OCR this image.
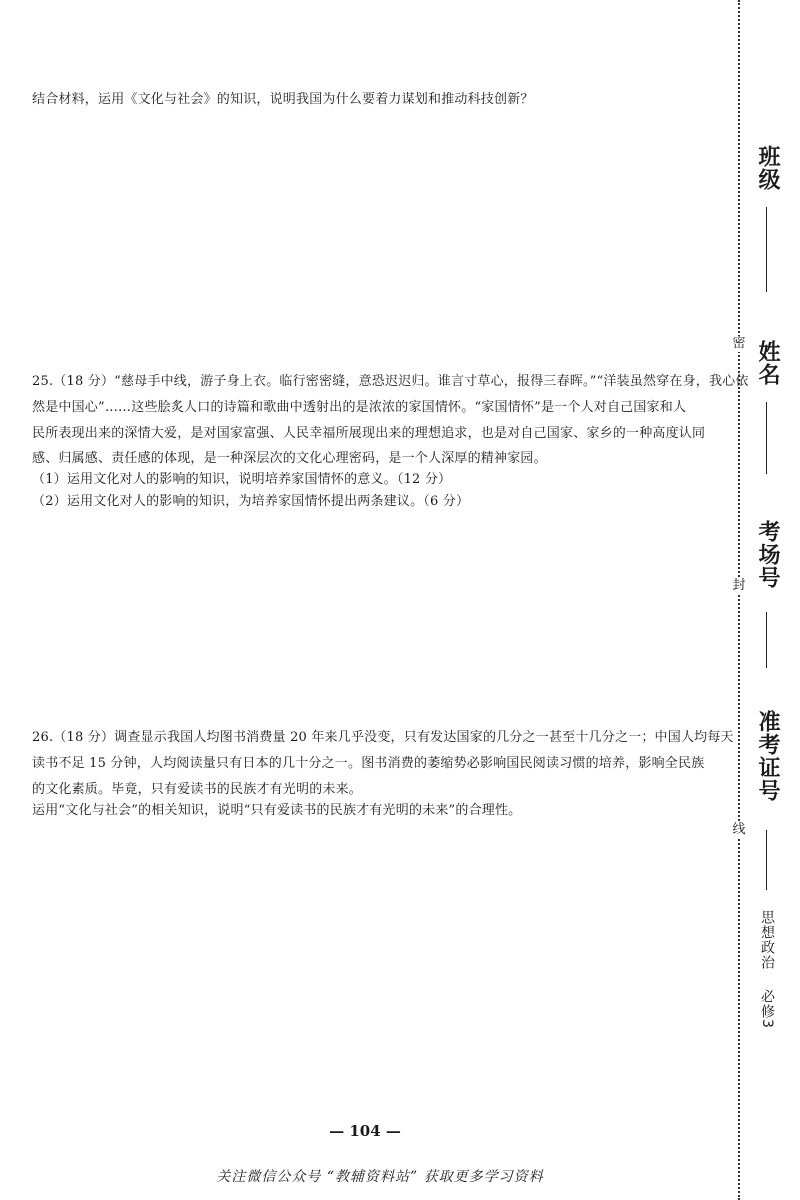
结合材料，运用《文化与社会》的知识，说明我国为什么要着力谋划和推动科技创新？
25.（18 分）“慈母手中线，游子身上衣。临行密密缝，意恐迟迟归。谁言寸草心，报得三春晖。”“洋装虽然穿在身，我心依
然是中国心”……这些脍炙人口的诗篇和歌曲中透射出的是浓浓的家国情怀。“家国情怀”是一个人对自己国家和人
民所表现出来的深情大爱，是对国家富强、人民幸福所展现出来的理想追求，也是对自己国家、家乡的一种高度认同
感、归属感、责任感的体现，是一种深层次的文化心理密码，是一个人深厚的精神家园。
（1）运用文化对人的影响的知识，说明培养家国情怀的意义。（12 分）
（2）运用文化对人的影响的知识，为培养家国情怀提出两条建议。（6 分）
26.（18 分）调查显示我国人均图书消费量 20 年来几乎没变，只有发达国家的几分之一甚至十几分之一；中国人均每天
读书不足 15 分钟，人均阅读量只有日本的几十分之一。图书消费的萎缩势必影响国民阅读习惯的培养，影响全民族
的文化素质。毕竟，只有爱读书的民族才有光明的未来。
运用“文化与社会”的相关知识，说明“只有爱读书的民族才有光明的未来”的合理性。
密
封
线
班级
姓名
考场号
准考证号
思想政治 必修3
— 104 —
关注微信公众号 “教辅资料站” 获取更多学习资料
